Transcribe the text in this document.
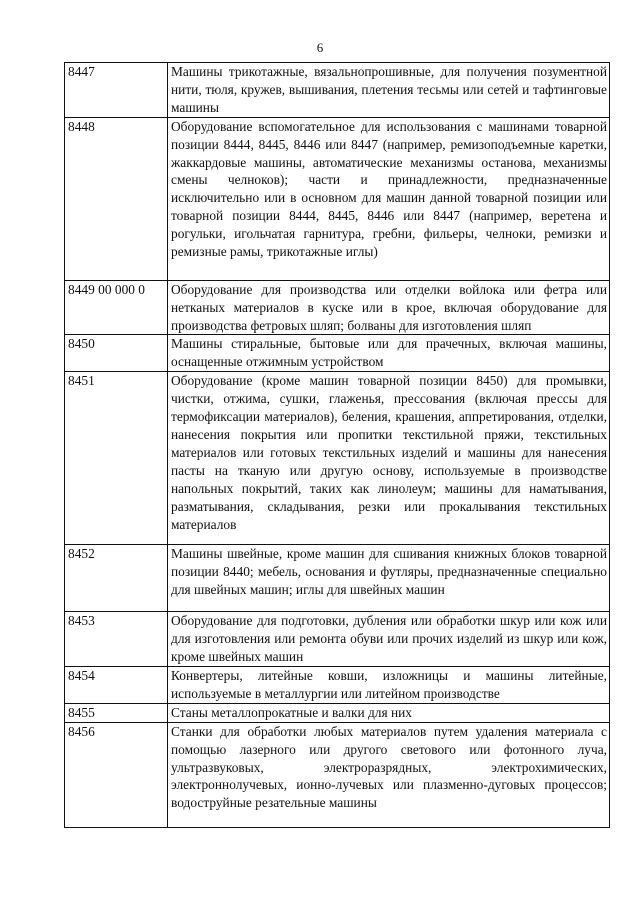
6
8447	Машины трикотажные, вязальнопрошивные, для получения позументной нити, тюля, кружев, вышивания, плетения тесьмы или сетей и тафтинговые машины
8448	Оборудование вспомогательное для использования с машинами товарной позиции 8444, 8445, 8446 или 8447 (например, ремизоподъемные каретки, жаккардовые машины, автоматические механизмы останова, механизмы смены челноков); части и принадлежности, предназначенные исключительно или в основном для машин данной товарной позиции или товарной позиции 8444, 8445, 8446 или 8447 (например, веретена и рогульки, игольчатая гарнитура, гребни, фильеры, челноки, ремизки и ремизные рамы, трикотажные иглы)
8449 00 000 0	Оборудование для производства или отделки войлока или фетра или нетканых материалов в куске или в крое, включая оборудование для производства фетровых шляп; болваны для изготовления шляп
8450	Машины стиральные, бытовые или для прачечных, включая машины, оснащенные отжимным устройством
8451	Оборудование (кроме машин товарной позиции 8450) для промывки, чистки, отжима, сушки, глаженья, прессования (включая прессы для термофиксации материалов), беления, крашения, аппретирования, отделки, нанесения покрытия или пропитки текстильной пряжи, текстильных материалов или готовых текстильных изделий и машины для нанесения пасты на тканую или другую основу, используемые в производстве напольных покрытий, таких как линолеум; машины для наматывания, разматывания, складывания, резки или прокалывания текстильных материалов
8452	Машины швейные, кроме машин для сшивания книжных блоков товарной позиции 8440; мебель, основания и футляры, предназначенные специально для швейных машин; иглы для швейных машин
8453	Оборудование для подготовки, дубления или обработки шкур или кож или для изготовления или ремонта обуви или прочих изделий из шкур или кож, кроме швейных машин
8454	Конвертеры, литейные ковши, изложницы и машины литейные, используемые в металлургии или литейном производстве
8455	Станы металлопрокатные и валки для них
8456	Станки для обработки любых материалов путем удаления материала с помощью лазерного или другого светового или фотонного луча, ультразвуковых, электроразрядных, электрохимических, электроннолучевых, ионно-лучевых или плазменно-дуговых процессов; водоструйные резательные машины
